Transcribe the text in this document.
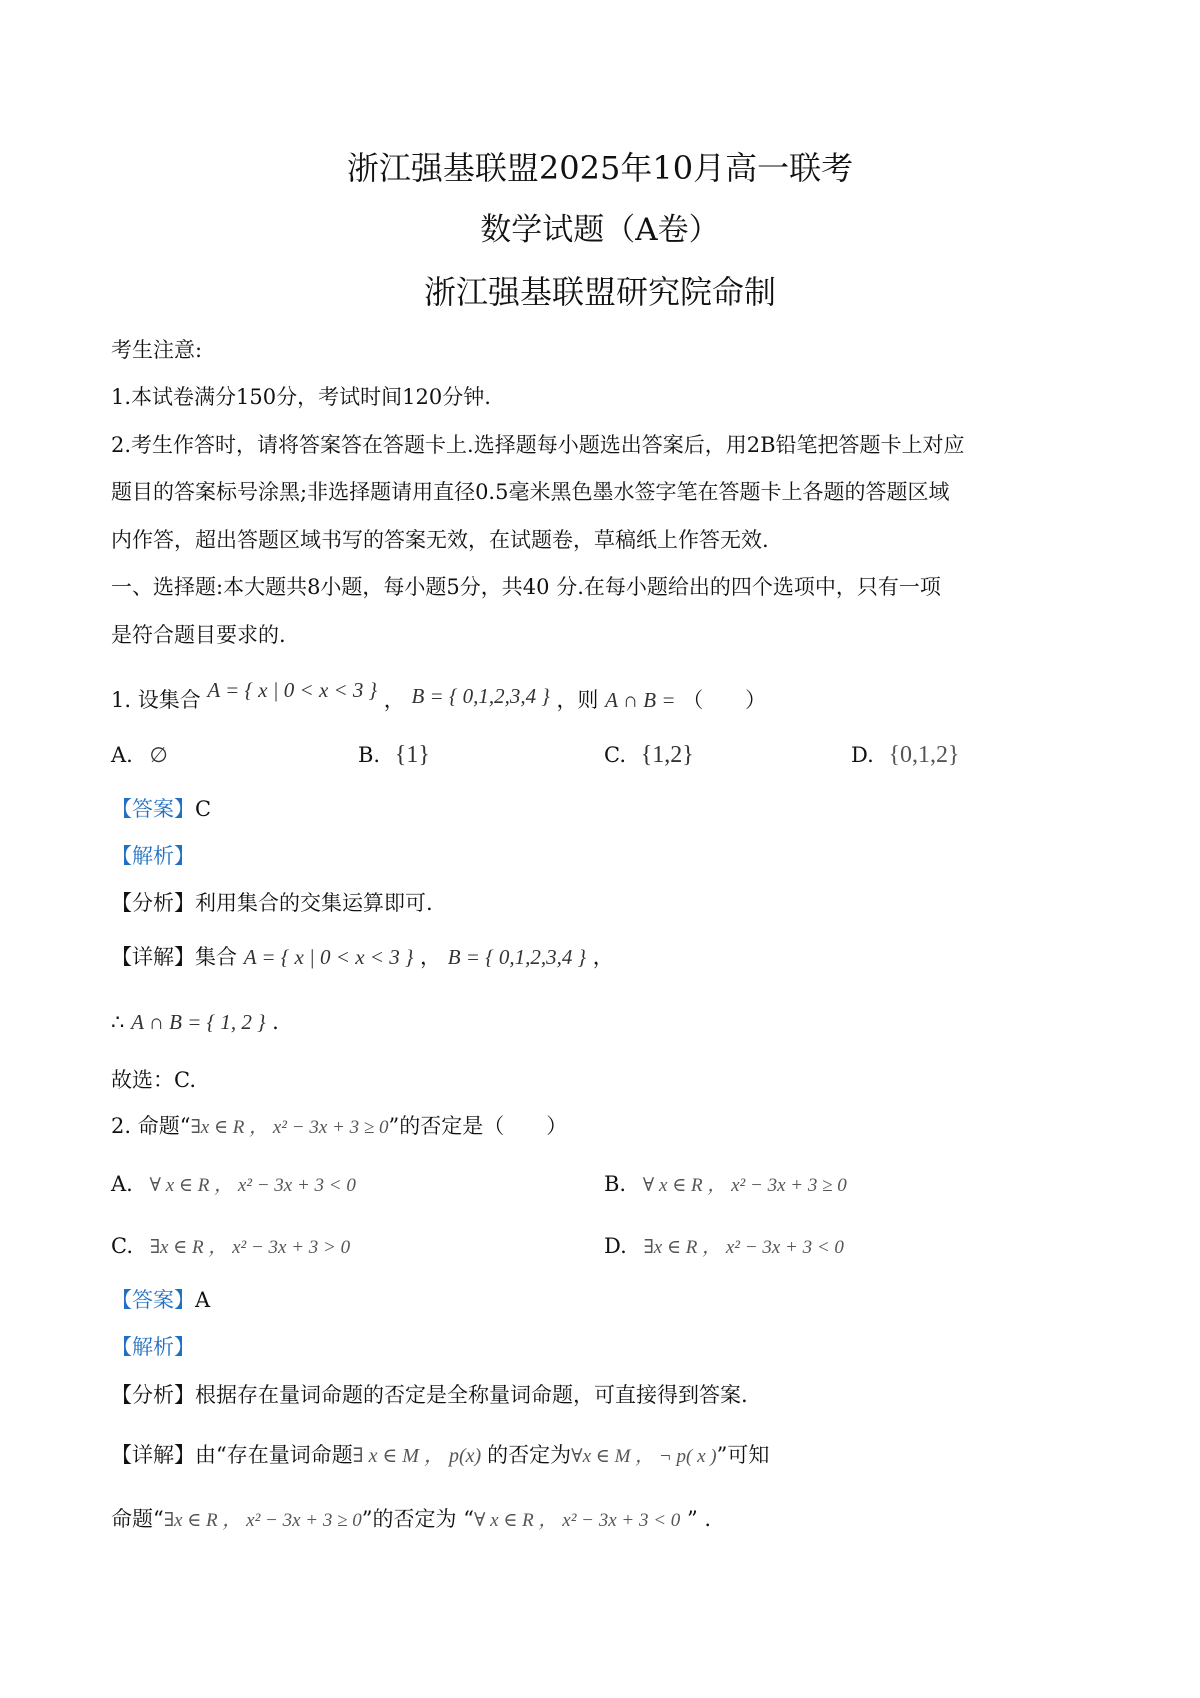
浙江强基联盟2025年10月高一联考
数学试题（A卷）
浙江强基联盟研究院命制
考生注意:
1.本试卷满分150分，考试时间120分钟.
2.考生作答时，请将答案答在答题卡上.选择题每小题选出答案后，用2B铅笔把答题卡上对应
题目的答案标号涂黑;非选择题请用直径0.5毫米黑色墨水签字笔在答题卡上各题的答题区域
内作答，超出答题区域书写的答案无效，在试题卷，草稿纸上作答无效.
一、选择题:本大题共8小题，每小题5分，共40 分.在每小题给出的四个选项中，只有一项
是符合题目要求的.
1. 设集合 A = { x | 0 < x < 3 } ， B = { 0,1,2,3,4 } ，则 A ∩ B = （　　）
A. ∅	B. {1}	C. {1,2}	D. {0,1,2}
【答案】C
【解析】
【分析】利用集合的交集运算即可.
【详解】集合 A = { x | 0 < x < 3 } ， B = { 0,1,2,3,4 } ，
∴ A ∩ B = { 1, 2 } .
故选：C.
2. 命题“∃x ∈ R ， x² − 3x + 3 ≥ 0”的否定是（　　）
A. ∀ x ∈ R ， x² − 3x + 3 < 0	B. ∀ x ∈ R ， x² − 3x + 3 ≥ 0
C. ∃x ∈ R ， x² − 3x + 3 > 0	D. ∃x ∈ R ， x² − 3x + 3 < 0
【答案】A
【解析】
【分析】根据存在量词命题的否定是全称量词命题，可直接得到答案.
【详解】由“存在量词命题∃ x ∈ M ， p(x) 的否定为∀x ∈ M ， ¬ p( x )”可知
命题“∃x ∈ R ， x² − 3x + 3 ≥ 0”的否定为 “∀ x ∈ R ， x² − 3x + 3 < 0 ” .
